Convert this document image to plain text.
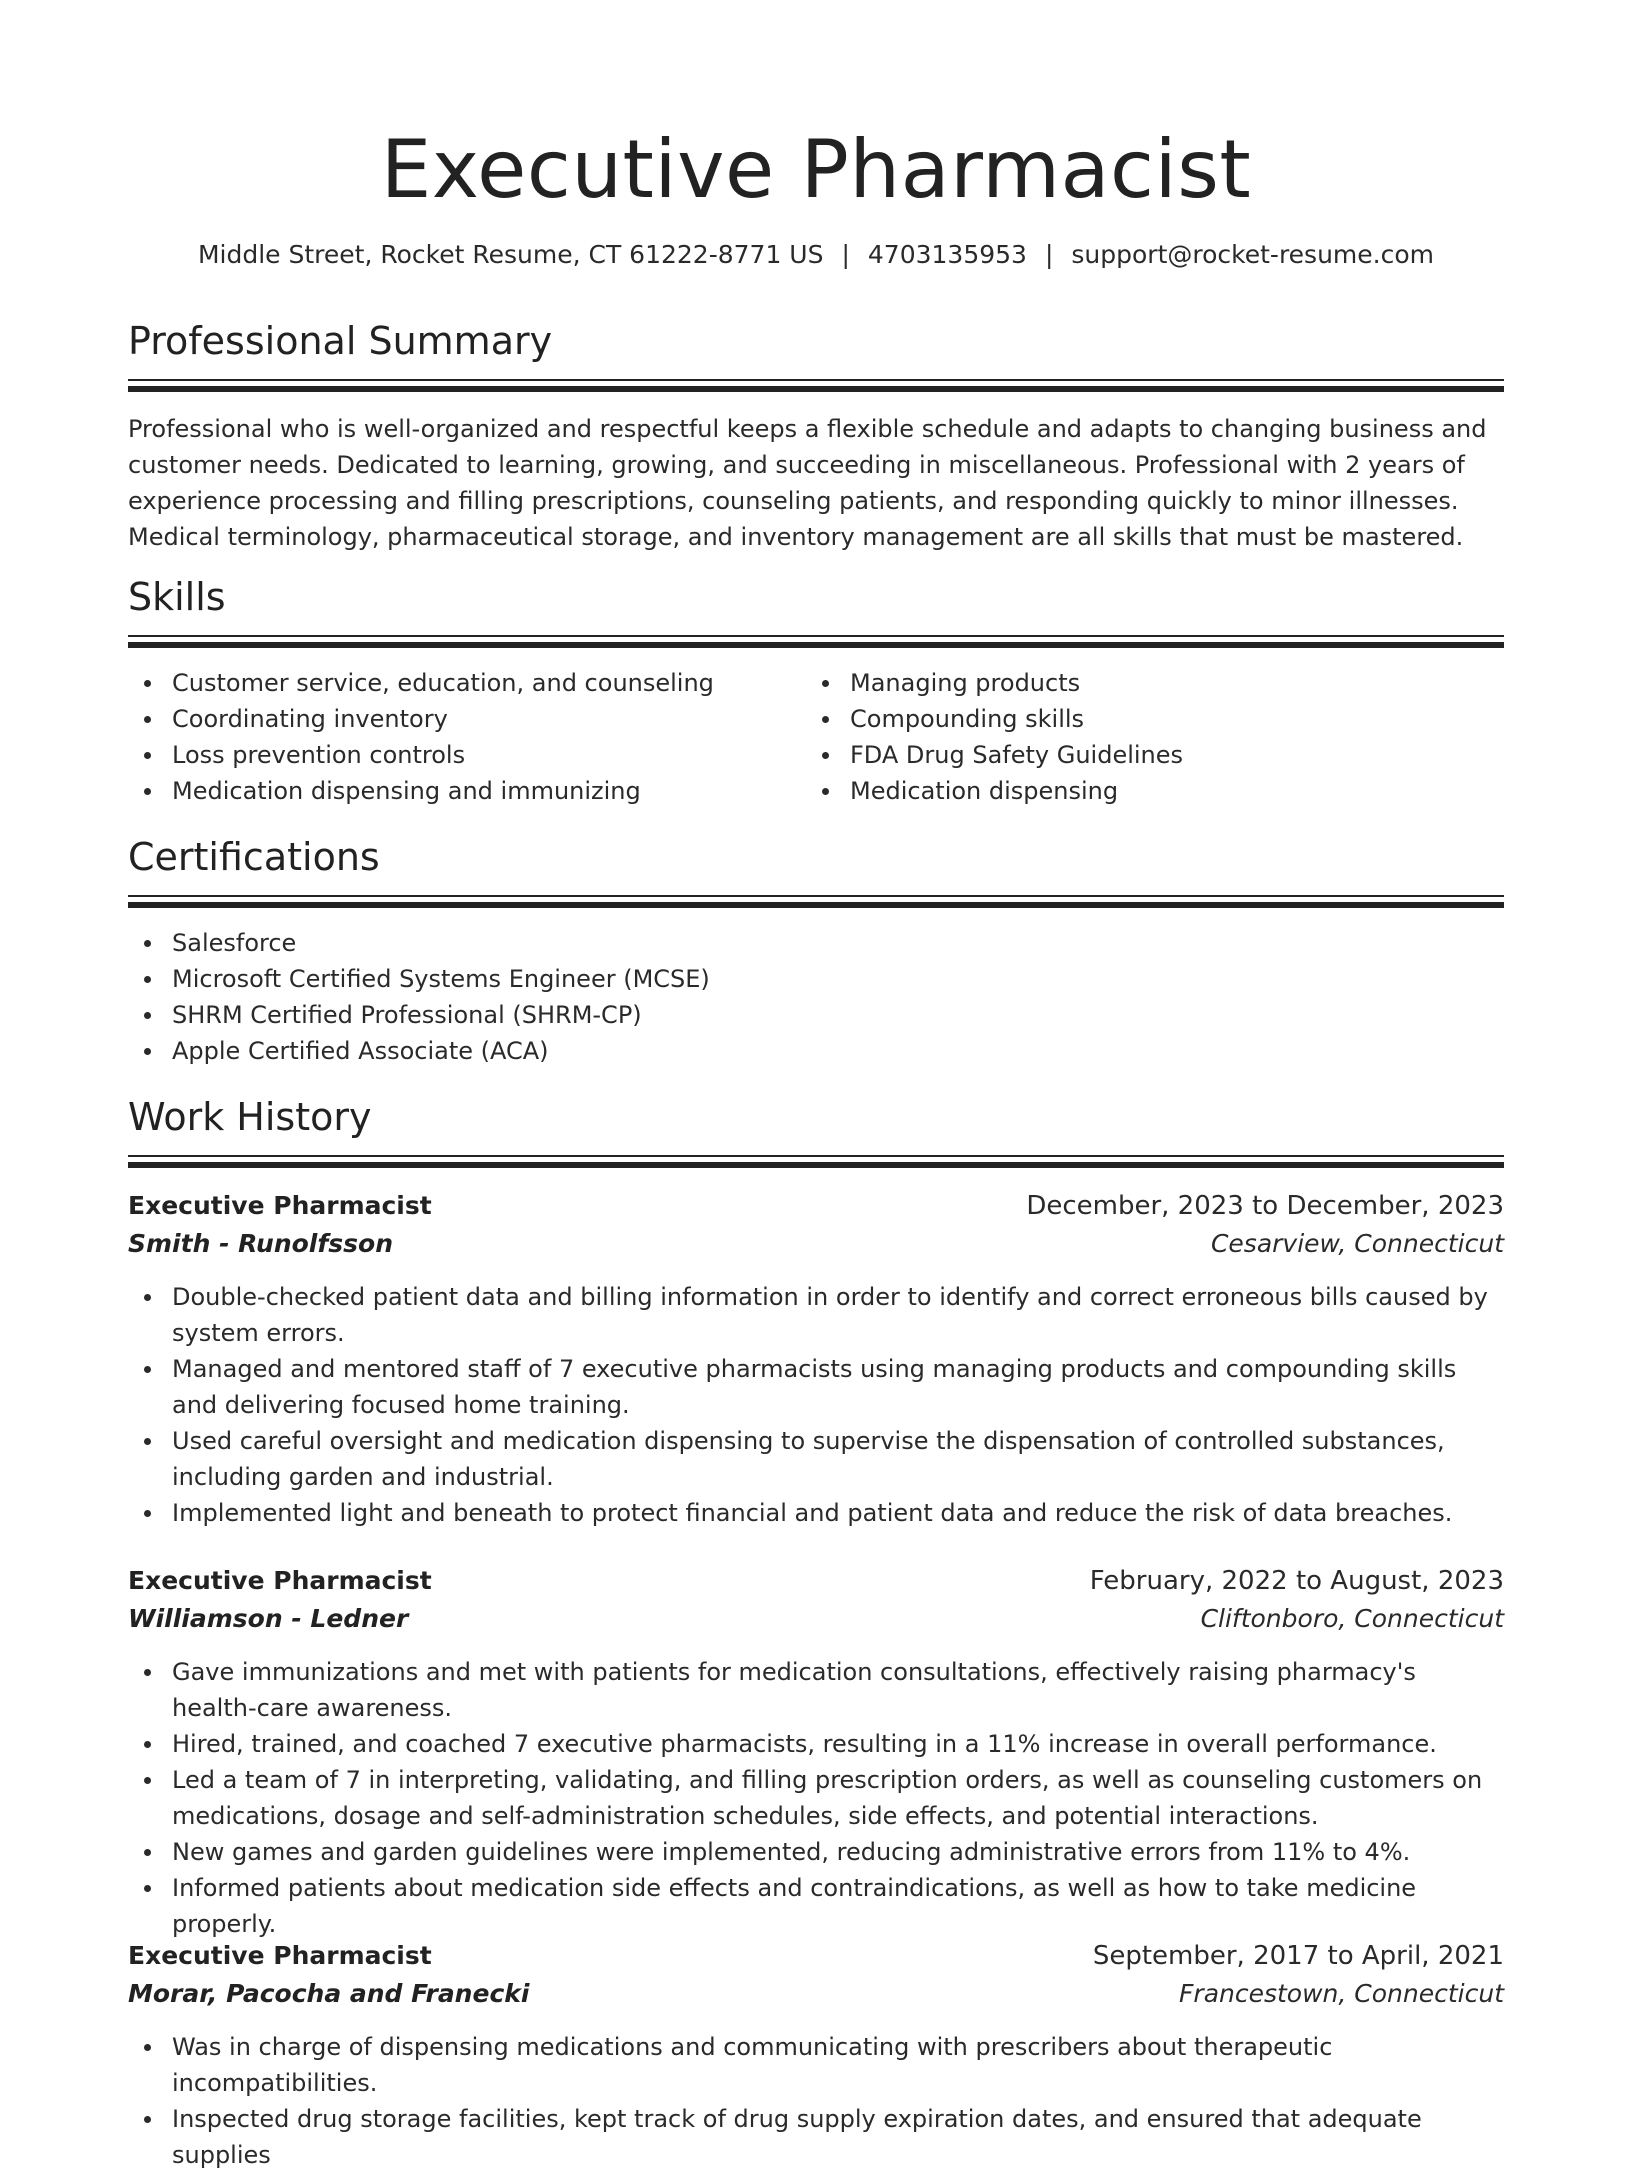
Executive Pharmacist
Middle Street, Rocket Resume, CT 61222-8771 US | 4703135953 | support@rocket-resume.com
Professional Summary
Professional who is well-organized and respectful keeps a flexible schedule and adapts to changing business and customer needs. Dedicated to learning, growing, and succeeding in miscellaneous. Professional with 2 years of experience processing and filling prescriptions, counseling patients, and responding quickly to minor illnesses. Medical terminology, pharmaceutical storage, and inventory management are all skills that must be mastered.
Skills
Customer service, education, and counseling
Coordinating inventory
Loss prevention controls
Medication dispensing and immunizing
Managing products
Compounding skills
FDA Drug Safety Guidelines
Medication dispensing
Certifications
Salesforce
Microsoft Certified Systems Engineer (MCSE)
SHRM Certified Professional (SHRM-CP)
Apple Certified Associate (ACA)
Work History
Executive Pharmacist	December, 2023 to December, 2023
Smith - Runolfsson	Cesarview, Connecticut
Double-checked patient data and billing information in order to identify and correct erroneous bills caused by system errors.
Managed and mentored staff of 7 executive pharmacists using managing products and compounding skills and delivering focused home training.
Used careful oversight and medication dispensing to supervise the dispensation of controlled substances, including garden and industrial.
Implemented light and beneath to protect financial and patient data and reduce the risk of data breaches.
Executive Pharmacist	February, 2022 to August, 2023
Williamson - Ledner	Cliftonboro, Connecticut
Gave immunizations and met with patients for medication consultations, effectively raising pharmacy's health-care awareness.
Hired, trained, and coached 7 executive pharmacists, resulting in a 11% increase in overall performance.
Led a team of 7 in interpreting, validating, and filling prescription orders, as well as counseling customers on medications, dosage and self-administration schedules, side effects, and potential interactions.
New games and garden guidelines were implemented, reducing administrative errors from 11% to 4%.
Informed patients about medication side effects and contraindications, as well as how to take medicine properly.
Executive Pharmacist	September, 2017 to April, 2021
Morar, Pacocha and Franecki	Francestown, Connecticut
Was in charge of dispensing medications and communicating with prescribers about therapeutic incompatibilities.
Inspected drug storage facilities, kept track of drug supply expiration dates, and ensured that adequate supplies
